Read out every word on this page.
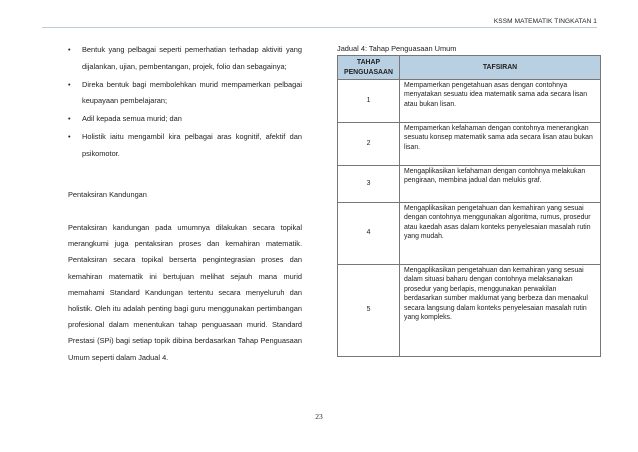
KSSM MATEMATIK TINGKATAN 1
• Bentuk yang pelbagai seperti pemerhatian terhadap aktiviti yang dijalankan, ujian, pembentangan, projek, folio dan sebagainya;
• Direka bentuk bagi membolehkan murid mempamerkan pelbagai keupayaan pembelajaran;
• Adil kepada semua murid; dan
• Holistik iaitu mengambil kira pelbagai aras kognitif, afektif dan psikomotor.
Pentaksiran Kandungan
Pentaksiran kandungan pada umumnya dilakukan secara topikal merangkumi juga pentaksiran proses dan kemahiran matematik. Pentaksiran secara topikal berserta pengintegrasian proses dan kemahiran matematik ini bertujuan melihat sejauh mana murid memahami Standard Kandungan tertentu secara menyeluruh dan holistik. Oleh itu adalah penting bagi guru menggunakan pertimbangan profesional dalam menentukan tahap penguasaan murid. Standard Prestasi (SPi) bagi setiap topik dibina berdasarkan Tahap Penguasaan Umum seperti dalam Jadual 4.
Jadual 4: Tahap Penguasaan Umum
TAHAP PENGUASAAN	TAFSIRAN
1	Mempamerkan pengetahuan asas dengan contohnya menyatakan sesuatu idea matematik sama ada secara lisan atau bukan lisan.
2	Mempamerkan kefahaman dengan contohnya menerangkan sesuatu konsep matematik sama ada secara lisan atau bukan lisan.
3	Mengaplikasikan kefahaman dengan contohnya melakukan pengiraan, membina jadual dan melukis graf.
4	Mengaplikasikan pengetahuan dan kemahiran yang sesuai dengan contohnya menggunakan algoritma, rumus, prosedur atau kaedah asas dalam konteks penyelesaian masalah rutin yang mudah.
5	Mengaplikasikan pengetahuan dan kemahiran yang sesuai dalam situasi baharu dengan contohnya melaksanakan prosedur yang berlapis, menggunakan perwakilan berdasarkan sumber maklumat yang berbeza dan menaakul secara langsung dalam konteks penyelesaian masalah rutin yang kompleks.
23
